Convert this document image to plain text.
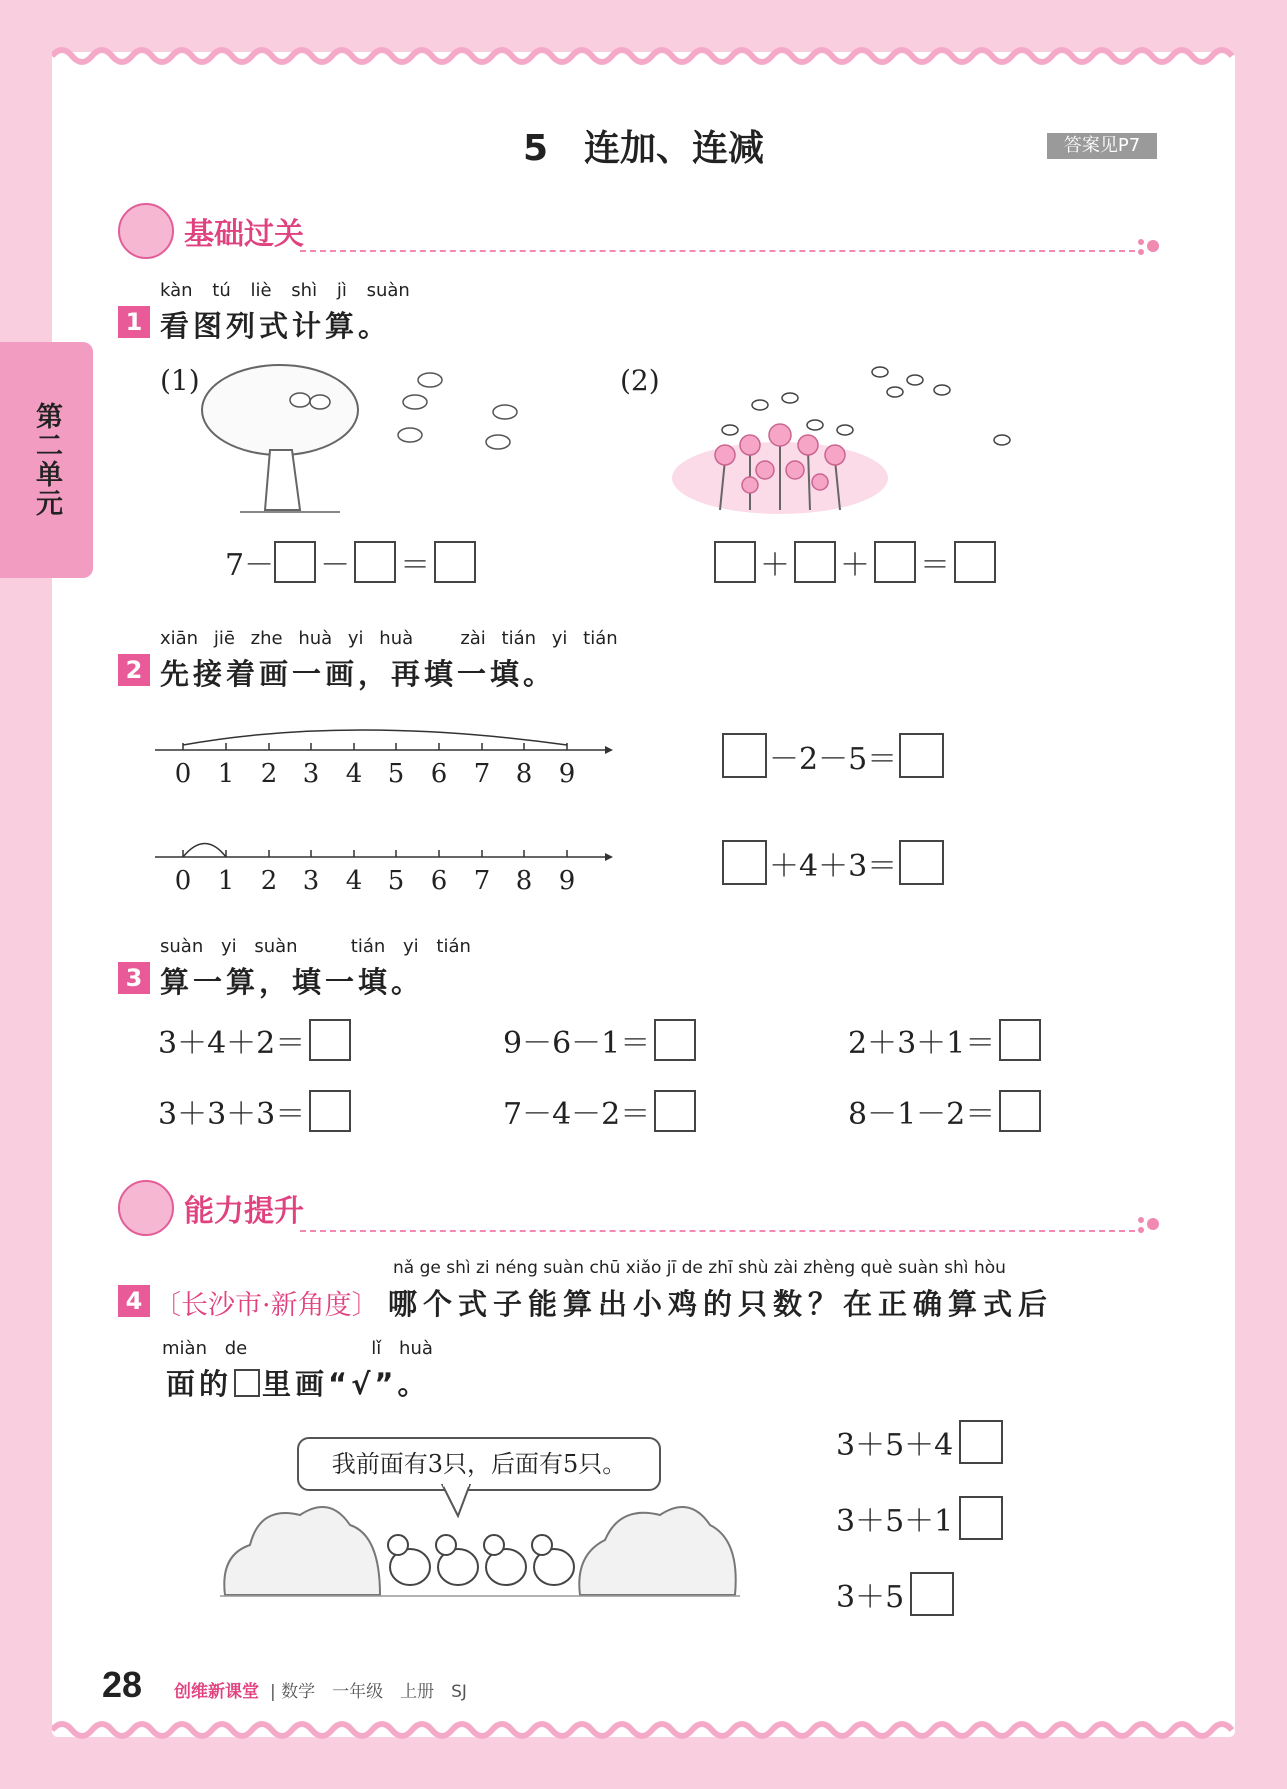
第二单元
5　连加、连减	答案见P7
基础过关
kàn tú liè shì jì suàn
1 看图列式计算。
(1)	(2)
7－ － ＝	＋ ＋ ＝
xiān jiē zhe huà yi huà	zài tián yi tián
2 先接着画一画，再填一填。
0 1 2 3 4 5 6 7 8 9
0 1 2 3 4 5 6 7 8 9
－2－5＝
＋4＋3＝
suàn yi suàn	tián yi tián
3 算一算，填一填。
3＋4＋2＝	9－6－1＝	2＋3＋1＝
3＋3＋3＝	7－4－2＝	8－1－2＝
能力提升
nǎ ge shì zi néng suàn chū xiǎo jī de zhī shù zài zhèng què suàn shì hòu
4 〔长沙市·新角度〕 哪个式子能算出小鸡的只数？在正确算式后
miàn de	lǐ huà
面的 里画“√”。
我前面有3只，后面有5只。
3＋5＋4
3＋5＋1
3＋5
28 创维新课堂 | 数学　一年级　上册　SJ
